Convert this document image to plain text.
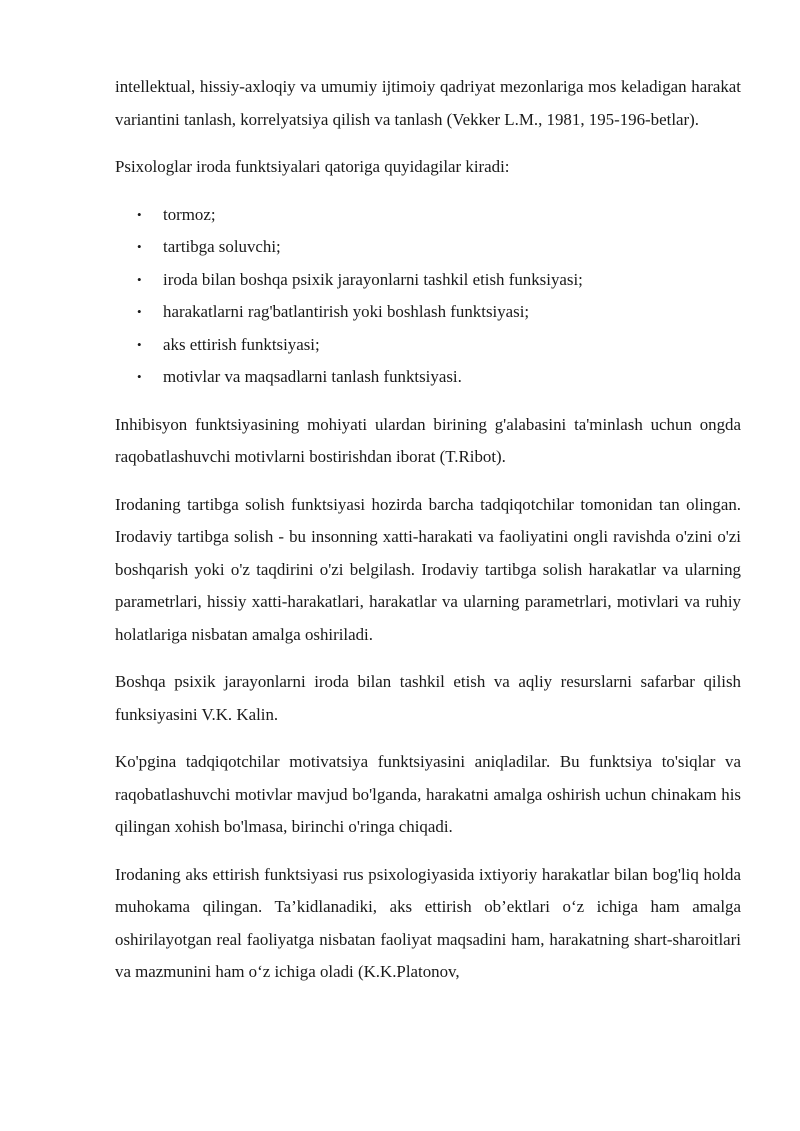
intellektual, hissiy-axloqiy va umumiy ijtimoiy qadriyat mezonlariga mos keladigan harakat variantini tanlash, korrelyatsiya qilish va tanlash (Vekker L.M., 1981, 195-196-betlar).

Psixologlar iroda funktsiyalari qatoriga quyidagilar kiradi:

• tormoz;
• tartibga soluvchi;
• iroda bilan boshqa psixik jarayonlarni tashkil etish funksiyasi;
• harakatlarni rag'batlantirish yoki boshlash funktsiyasi;
• aks ettirish funktsiyasi;
• motivlar va maqsadlarni tanlash funktsiyasi.

Inhibisyon funktsiyasining mohiyati ulardan birining g'alabasini ta'minlash uchun ongda raqobatlashuvchi motivlarni bostirishdan iborat (T.Ribot).

Irodaning tartibga solish funktsiyasi hozirda barcha tadqiqotchilar tomonidan tan olingan. Irodaviy tartibga solish - bu insonning xatti-harakati va faoliyatini ongli ravishda o'zini o'zi boshqarish yoki o'z taqdirini o'zi belgilash. Irodaviy tartibga solish harakatlar va ularning parametrlari, hissiy xatti-harakatlari, harakatlar va ularning parametrlari, motivlari va ruhiy holatlariga nisbatan amalga oshiriladi.

Boshqa psixik jarayonlarni iroda bilan tashkil etish va aqliy resurslarni safarbar qilish funksiyasini V.K. Kalin.

Ko'pgina tadqiqotchilar motivatsiya funktsiyasini aniqladilar. Bu funktsiya to'siqlar va raqobatlashuvchi motivlar mavjud bo'lganda, harakatni amalga oshirish uchun chinakam his qilingan xohish bo'lmasa, birinchi o'ringa chiqadi.

Irodaning aks ettirish funktsiyasi rus psixologiyasida ixtiyoriy harakatlar bilan bog'liq holda muhokama qilingan. Ta’kidlanadiki, aks ettirish ob’ektlari o‘z ichiga ham amalga oshirilayotgan real faoliyatga nisbatan faoliyat maqsadini ham, harakatning shart-sharoitlari va mazmunini ham o‘z ichiga oladi (K.K.Platonov,
